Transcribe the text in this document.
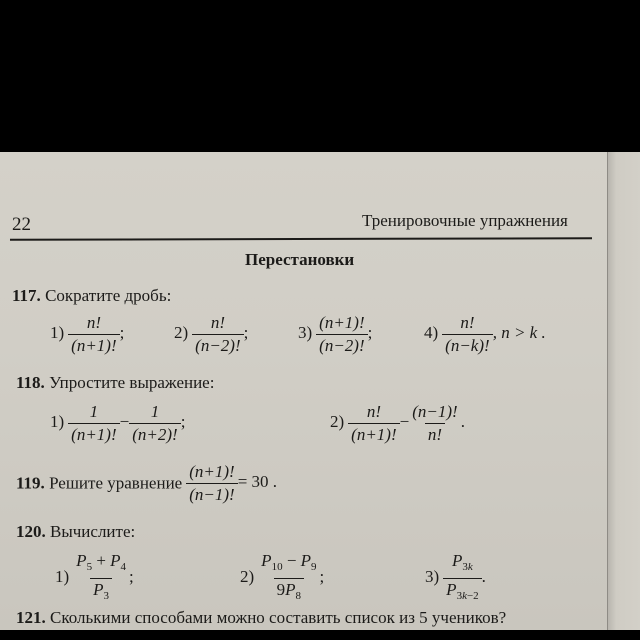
22	Тренировочные упражнения
Перестановки
117. Сократите дробь:
$1) \frac{n!}{(n+1)!}$ ;	$2) \frac{n!}{(n-2)!}$ ;	$3) \frac{(n+1)!}{(n-2)!}$ ;	$4) \frac{n!}{(n-k)!}$ , n > k .
118. Упростите выражение:
$1) \frac{1}{(n+1)!} - \frac{1}{(n+2)!}$ ;	$2) \frac{n!}{(n+1)!} - \frac{(n-1)!}{n!}$ .
119. Решите уравнение $\frac{(n+1)!}{(n-1)!} = 30$ .
120. Вычислите:
$1) \frac{P_5 + P_4}{P_3}$ ;	$2) \frac{P_{10} - P_9}{9P_8}$ ;	$3) \frac{P_{3k}}{P_{3k-2}}$ .
121. Сколькими способами можно составить список из 5 учеников?
